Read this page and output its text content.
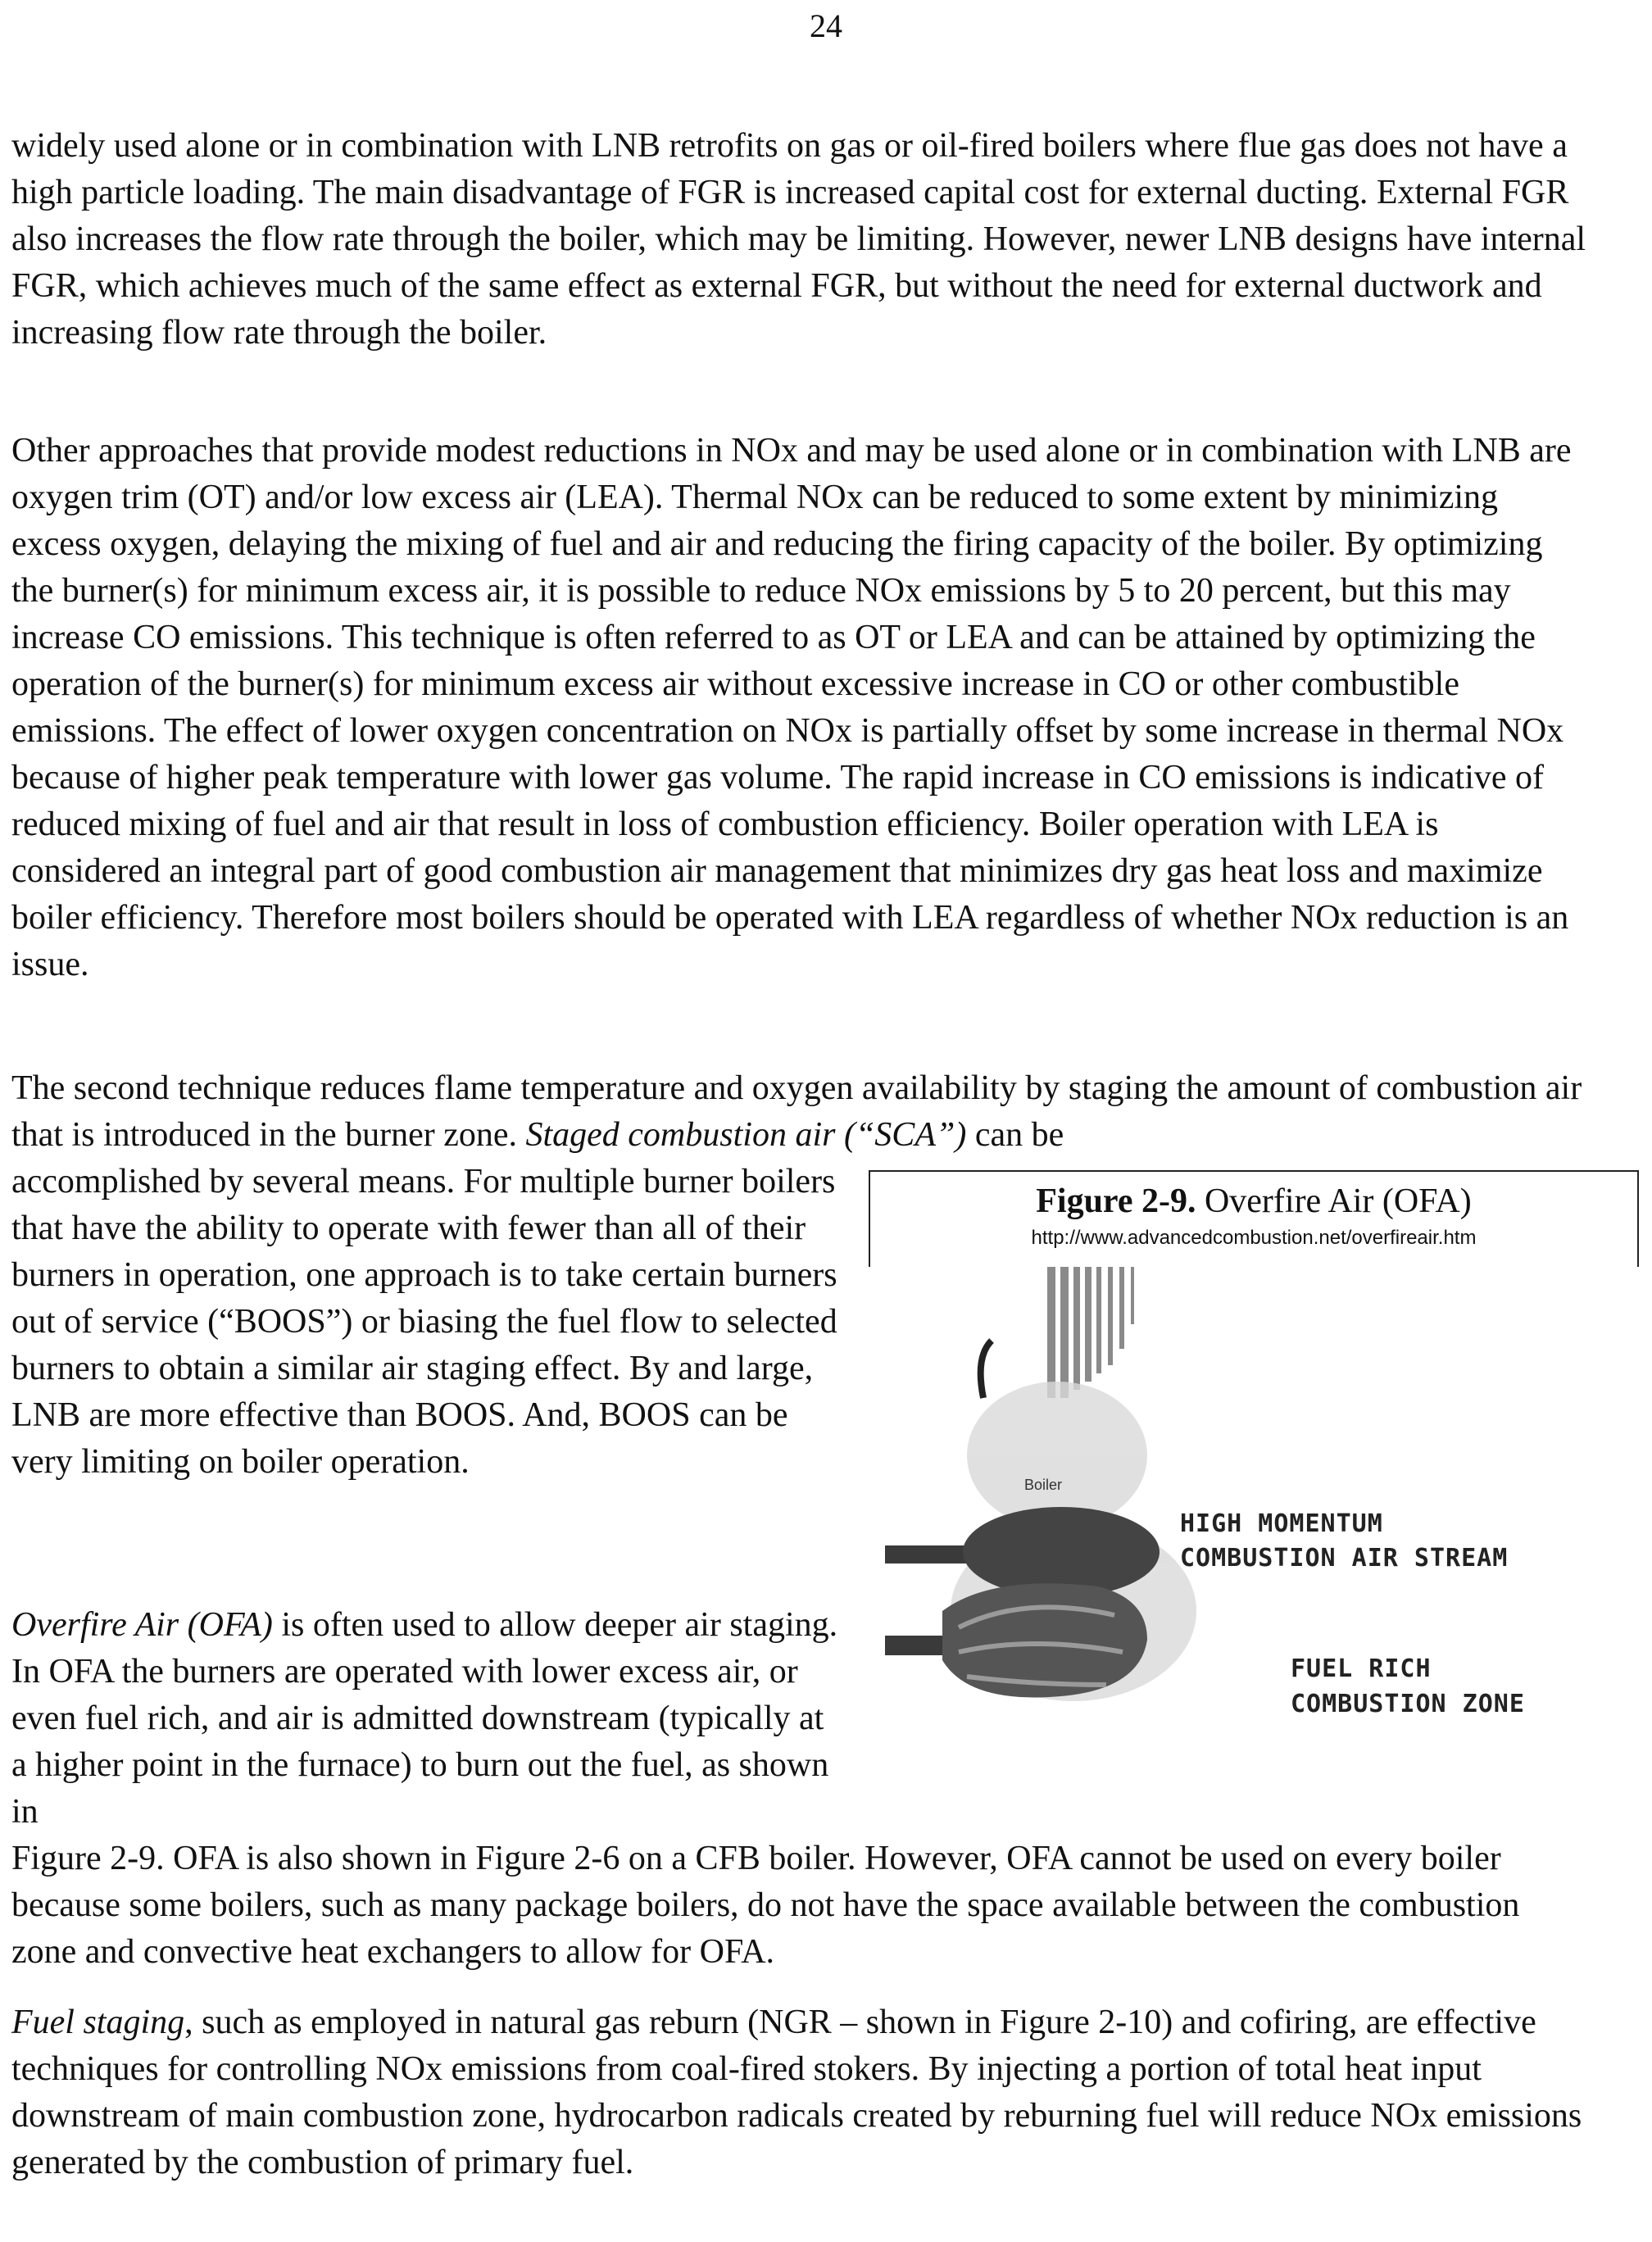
24

widely used alone or in combination with LNB retrofits on gas or oil-fired boilers where flue gas does not have a high particle loading. The main disadvantage of FGR is increased capital cost for external ducting. External FGR also increases the flow rate through the boiler, which may be limiting. However, newer LNB designs have internal FGR, which achieves much of the same effect as external FGR, but without the need for external ductwork and increasing flow rate through the boiler.

Other approaches that provide modest reductions in NOx and may be used alone or in combination with LNB are oxygen trim (OT) and/or low excess air (LEA). Thermal NOx can be reduced to some extent by minimizing excess oxygen, delaying the mixing of fuel and air and reducing the firing capacity of the boiler. By optimizing the burner(s) for minimum excess air, it is possible to reduce NOx emissions by 5 to 20 percent, but this may increase CO emissions. This technique is often referred to as OT or LEA and can be attained by optimizing the operation of the burner(s) for minimum excess air without excessive increase in CO or other combustible emissions. The effect of lower oxygen concentration on NOx is partially offset by some increase in thermal NOx because of higher peak temperature with lower gas volume. The rapid increase in CO emissions is indicative of reduced mixing of fuel and air that result in loss of combustion efficiency. Boiler operation with LEA is considered an integral part of good combustion air management that minimizes dry gas heat loss and maximize boiler efficiency. Therefore most boilers should be operated with LEA regardless of whether NOx reduction is an issue.

The second technique reduces flame temperature and oxygen availability by staging the amount of combustion air that is introduced in the burner zone. Staged combustion air (“SCA”) can be

accomplished by several means. For multiple burner boilers that have the ability to operate with fewer than all of their burners in operation, one approach is to take certain burners out of service (“BOOS”) or biasing the fuel flow to selected burners to obtain a similar air staging effect. By and large, LNB are more effective than BOOS. And, BOOS can be very limiting on boiler operation.

Overfire Air (OFA) is often used to allow deeper air staging. In OFA the burners are operated with lower excess air, or even fuel rich, and air is admitted downstream (typically at a higher point in the furnace) to burn out the fuel, as shown in

Figure 2-9. OFA is also shown in Figure 2-6 on a CFB boiler. However, OFA cannot be used on every boiler because some boilers, such as many package boilers, do not have the space available between the combustion zone and convective heat exchangers to allow for OFA.

Fuel staging, such as employed in natural gas reburn (NGR – shown in Figure 2-10) and cofiring, are effective techniques for controlling NOx emissions from coal-fired stokers. By injecting a portion of total heat input downstream of main combustion zone, hydrocarbon radicals created by reburning fuel will reduce NOx emissions generated by the combustion of primary fuel.

Figure 2-9. Overfire Air (OFA)
http://www.advancedcombustion.net/overfireair.htm
Boiler
HIGH MOMENTUM
COMBUSTION AIR STREAM
FUEL RICH
COMBUSTION ZONE
